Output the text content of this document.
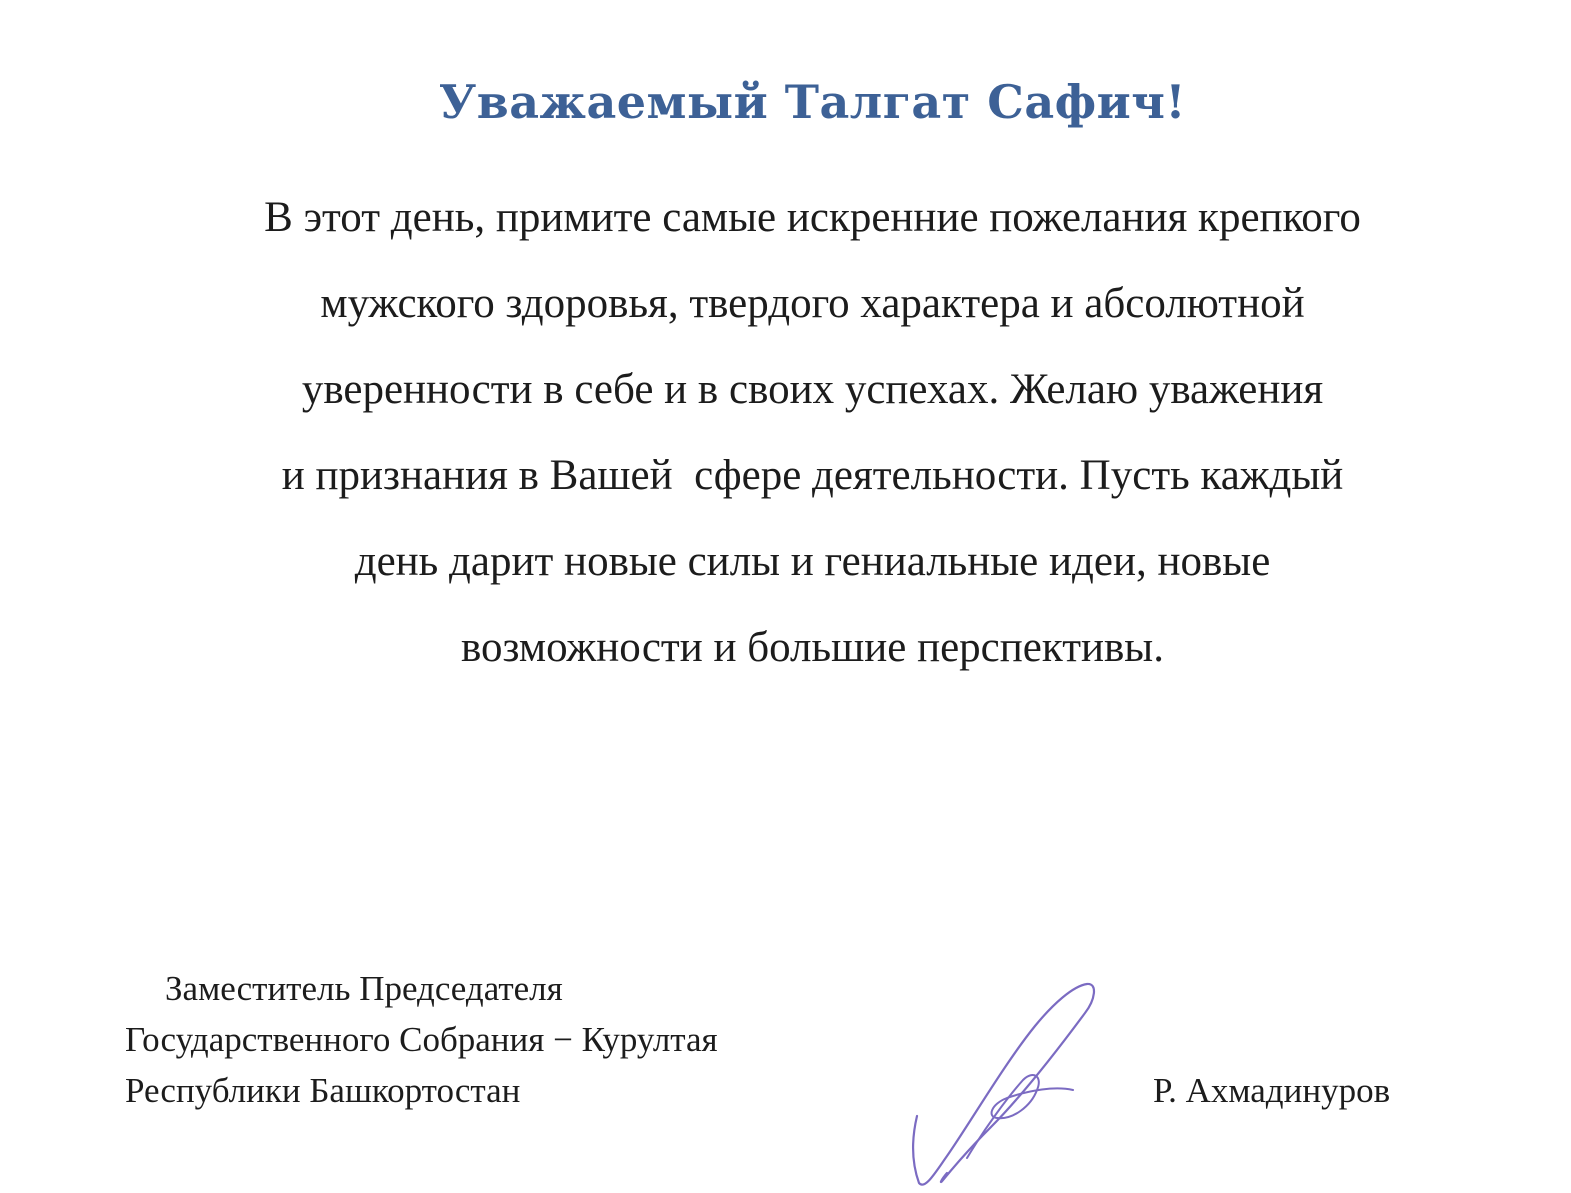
Уважаемый Талгат Сафич!
В этот день, примите самые искренние пожелания крепкого
мужского здоровья, твердого характера и абсолютной
уверенности в себе и в своих успехах. Желаю уважения
и признания в Вашей  сфере деятельности. Пусть каждый
день дарит новые силы и гениальные идеи, новые
возможности и большие перспективы.
Заместитель Председателя
Государственного Собрания − Курултая
Республики Башкортостан	Р. Ахмадинуров
